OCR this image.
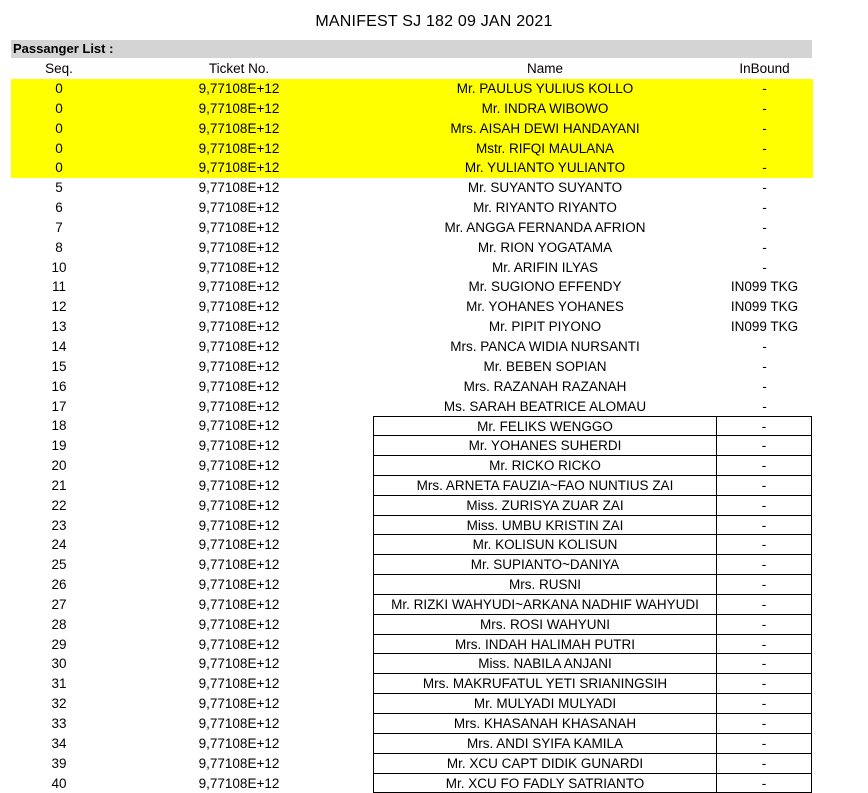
MANIFEST SJ 182 09 JAN 2021
Passanger List :
Seq.	Ticket No.	Name	InBound
0	9,77108E+12	Mr. PAULUS YULIUS KOLLO	-
0	9,77108E+12	Mr. INDRA WIBOWO	-
0	9,77108E+12	Mrs. AISAH DEWI HANDAYANI	-
0	9,77108E+12	Mstr. RIFQI MAULANA	-
0	9,77108E+12	Mr. YULIANTO YULIANTO	-
5	9,77108E+12	Mr. SUYANTO SUYANTO	-
6	9,77108E+12	Mr. RIYANTO RIYANTO	-
7	9,77108E+12	Mr. ANGGA FERNANDA AFRION	-
8	9,77108E+12	Mr. RION YOGATAMA	-
10	9,77108E+12	Mr. ARIFIN ILYAS	-
11	9,77108E+12	Mr. SUGIONO EFFENDY	IN099 TKG
12	9,77108E+12	Mr. YOHANES YOHANES	IN099 TKG
13	9,77108E+12	Mr. PIPIT PIYONO	IN099 TKG
14	9,77108E+12	Mrs. PANCA WIDIA NURSANTI	-
15	9,77108E+12	Mr. BEBEN SOPIAN	-
16	9,77108E+12	Mrs. RAZANAH RAZANAH	-
17	9,77108E+12	Ms. SARAH BEATRICE ALOMAU	-
18	9,77108E+12	Mr. FELIKS WENGGO	-
19	9,77108E+12	Mr. YOHANES SUHERDI	-
20	9,77108E+12	Mr. RICKO RICKO	-
21	9,77108E+12	Mrs. ARNETA FAUZIA~FAO NUNTIUS ZAI	-
22	9,77108E+12	Miss. ZURISYA ZUAR ZAI	-
23	9,77108E+12	Miss. UMBU KRISTIN ZAI	-
24	9,77108E+12	Mr. KOLISUN KOLISUN	-
25	9,77108E+12	Mr. SUPIANTO~DANIYA	-
26	9,77108E+12	Mrs. RUSNI	-
27	9,77108E+12	Mr. RIZKI WAHYUDI~ARKANA NADHIF WAHYUDI	-
28	9,77108E+12	Mrs. ROSI WAHYUNI	-
29	9,77108E+12	Mrs. INDAH HALIMAH PUTRI	-
30	9,77108E+12	Miss. NABILA ANJANI	-
31	9,77108E+12	Mrs. MAKRUFATUL YETI SRIANINGSIH	-
32	9,77108E+12	Mr. MULYADI MULYADI	-
33	9,77108E+12	Mrs. KHASANAH KHASANAH	-
34	9,77108E+12	Mrs. ANDI SYIFA KAMILA	-
39	9,77108E+12	Mr. XCU CAPT DIDIK GUNARDI	-
40	9,77108E+12	Mr. XCU FO FADLY SATRIANTO	-
